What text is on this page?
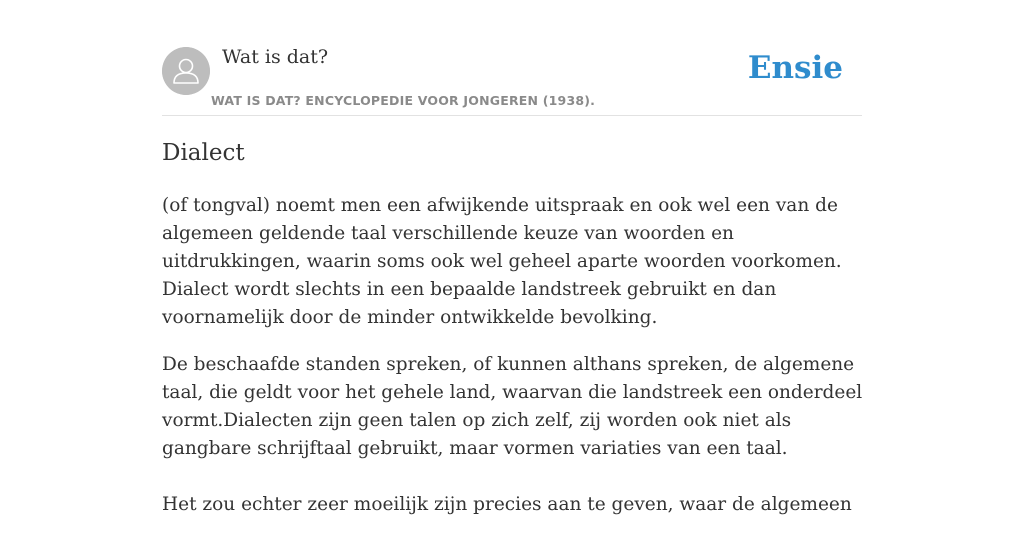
Wat is dat?
WAT IS DAT? ENCYCLOPEDIE VOOR JONGEREN (1938).
Ensie
Dialect

(of tongval) noemt men een afwijkende uitspraak en ook wel een van de algemeen geldende taal verschillende keuze van woorden en uitdrukkingen, waarin soms ook wel geheel aparte woorden voorkomen. Dialect wordt slechts in een bepaalde landstreek gebruikt en dan voornamelijk door de minder ontwikkelde bevolking.

De beschaafde standen spreken, of kunnen althans spreken, de algemene taal, die geldt voor het gehele land, waarvan die landstreek een onderdeel vormt.Dialecten zijn geen talen op zich zelf, zij worden ook niet als gangbare schrijftaal gebruikt, maar vormen variaties van een taal.

Het zou echter zeer moeilijk zijn precies aan te geven, waar de algemeen
